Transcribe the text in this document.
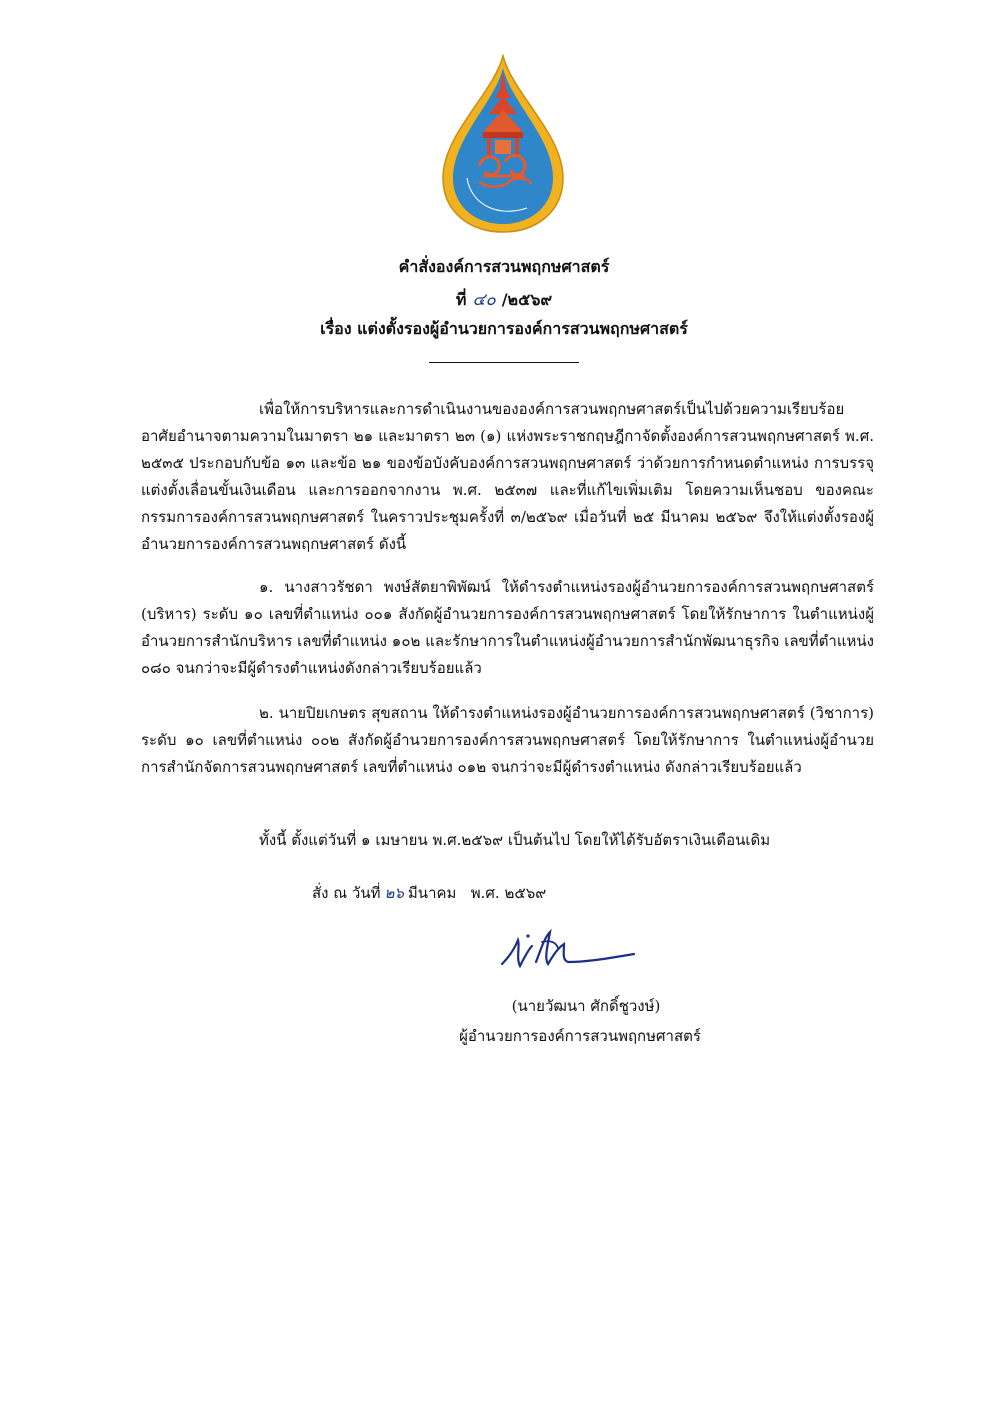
คำสั่งองค์การสวนพฤกษศาสตร์
ที่ ๔๐ /๒๕๖๙
เรื่อง แต่งตั้งรองผู้อำนวยการองค์การสวนพฤกษศาสตร์
เพื่อให้การบริหารและการดำเนินงานขององค์การสวนพฤกษศาสตร์เป็นไปด้วยความเรียบร้อย อาศัยอำนาจตามความในมาตรา ๒๑ และมาตรา ๒๓ (๑) แห่งพระราชกฤษฎีกาจัดตั้งองค์การสวนพฤกษศาสตร์ พ.ศ. ๒๕๓๕ ประกอบกับข้อ ๑๓ และข้อ ๒๑ ของข้อบังคับองค์การสวนพฤกษศาสตร์ ว่าด้วยการกำหนดตำแหน่ง การบรรจุแต่งตั้งเลื่อนขั้นเงินเดือน และการออกจากงาน พ.ศ. ๒๕๓๗ และที่แก้ไขเพิ่มเติม โดยความเห็นชอบ ของคณะกรรมการองค์การสวนพฤกษศาสตร์ ในคราวประชุมครั้งที่ ๓/๒๕๖๙ เมื่อวันที่ ๒๕ มีนาคม ๒๕๖๙ จึงให้แต่งตั้งรองผู้อำนวยการองค์การสวนพฤกษศาสตร์ ดังนี้
๑. นางสาวรัชดา พงษ์สัตยาพิพัฒน์ ให้ดำรงตำแหน่งรองผู้อำนวยการองค์การสวนพฤกษศาสตร์ (บริหาร) ระดับ ๑๐ เลขที่ตำแหน่ง ๐๐๑ สังกัดผู้อำนวยการองค์การสวนพฤกษศาสตร์ โดยให้รักษาการ ในตำแหน่งผู้อำนวยการสำนักบริหาร เลขที่ตำแหน่ง ๑๐๒ และรักษาการในตำแหน่งผู้อำนวยการสำนักพัฒนาธุรกิจ เลขที่ตำแหน่ง ๐๘๐ จนกว่าจะมีผู้ดำรงตำแหน่งดังกล่าวเรียบร้อยแล้ว
๒. นายปิยเกษตร สุขสถาน ให้ดำรงตำแหน่งรองผู้อำนวยการองค์การสวนพฤกษศาสตร์ (วิชาการ) ระดับ ๑๐ เลขที่ตำแหน่ง ๐๐๒ สังกัดผู้อำนวยการองค์การสวนพฤกษศาสตร์ โดยให้รักษาการ ในตำแหน่งผู้อำนวยการสำนักจัดการสวนพฤกษศาสตร์ เลขที่ตำแหน่ง ๐๑๒ จนกว่าจะมีผู้ดำรงตำแหน่ง ดังกล่าวเรียบร้อยแล้ว
ทั้งนี้ ตั้งแต่วันที่ ๑ เมษายน พ.ศ.๒๕๖๙ เป็นต้นไป โดยให้ได้รับอัตราเงินเดือนเดิม
สั่ง ณ วันที่ ๒๖ มีนาคม พ.ศ. ๒๕๖๙
(นายวัฒนา ศักดิ์ชูวงษ์)
ผู้อำนวยการองค์การสวนพฤกษศาสตร์
